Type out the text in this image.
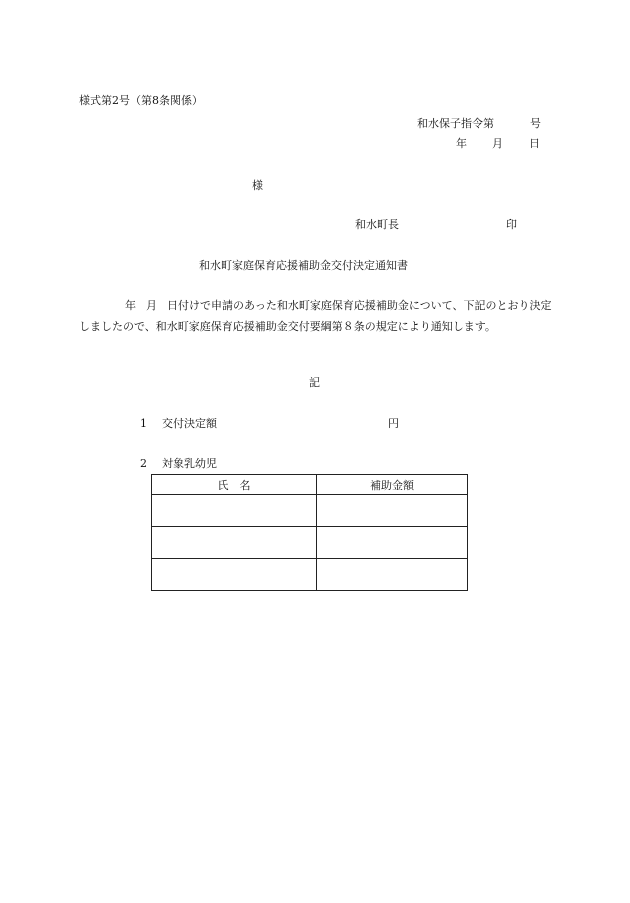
様式第2号（第8条関係）
和水保子指令第	号
年 月 日
様
和水町長	印
和水町家庭保育応援補助金交付決定通知書
年 月 日付けで申請のあった和水町家庭保育応援補助金について、下記のとおり決定しましたので、和水町家庭保育応援補助金交付要綱第８条の規定により通知します。
記
1 交付決定額	円
2 対象乳幼児
氏　名	補助金額
